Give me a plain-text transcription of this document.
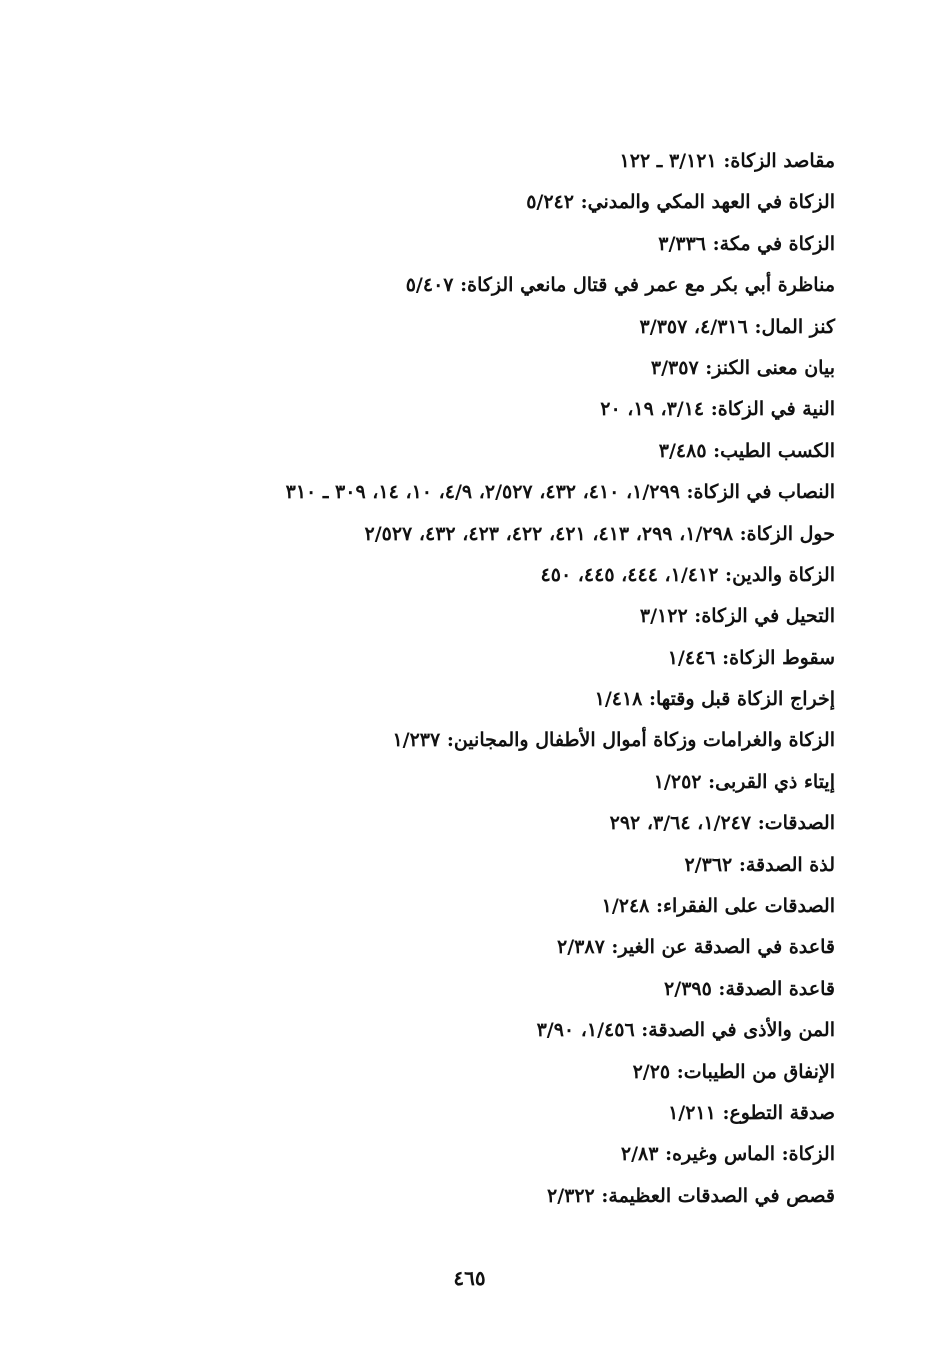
مقاصد الزكاة : ٣/١٢١ ـ ١٢٢
الزكاة في العهد المكي والمدني : ٥/٢٤٢
الزكاة في مكة : ٣/٣٣٦
مناظرة أبي بكر مع عمر في قتال مانعي الزكاة : ٥/٤٠٧
كنز المال : ٤/٣١٦، ٣/٣٥٧
بيان معنى الكنز : ٣/٣٥٧
النية في الزكاة : ٣/١٤، ١٩، ٢٠
الكسب الطيب : ٣/٤٨٥
النصاب في الزكاة : ١/٢٩٩، ٤١٠، ٤٣٢، ٢/٥٢٧، ٤/٩، ١٠، ١٤، ٣٠٩ ـ ٣١٠
حول الزكاة : ١/٢٩٨، ٢٩٩، ٤١٣، ٤٢١، ٤٢٢، ٤٢٣، ٤٣٢، ٢/٥٢٧
الزكاة والدين : ١/٤١٢، ٤٤٤، ٤٤٥، ٤٥٠
التحيل في الزكاة : ٣/١٢٢
سقوط الزكاة : ١/٤٤٦
إخراج الزكاة قبل وقتها : ١/٤١٨
الزكاة والغرامات وزكاة أموال الأطفال والمجانين : ١/٢٣٧
إيتاء ذي القربى : ١/٢٥٢
الصدقات : ١/٢٤٧، ٣/٦٤، ٢٩٢
لذة الصدقة : ٢/٣٦٢
الصدقات على الفقراء : ١/٢٤٨
قاعدة في الصدقة عن الغير : ٢/٣٨٧
قاعدة الصدقة : ٢/٣٩٥
المن والأذى في الصدقة : ١/٤٥٦، ٣/٩٠
الإنفاق من الطيبات : ٢/٢٥
صدقة التطوع : ١/٢١١
الزكاة: الماس وغيره : ٢/٨٣
قصص في الصدقات العظيمة : ٢/٣٢٢
٤٦٥
